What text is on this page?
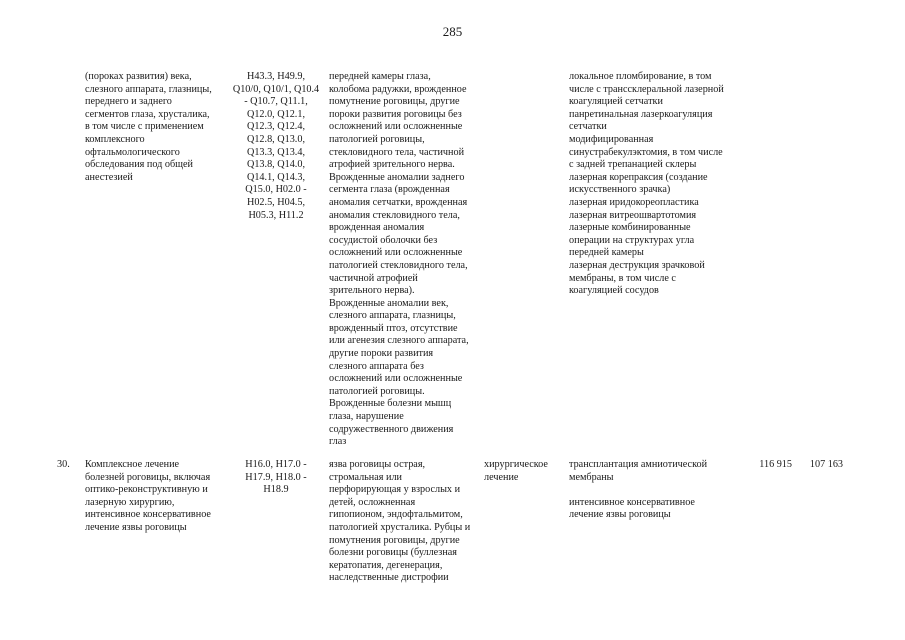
285
(пороках развития) века,
слезного аппарата, глазницы,
переднего и заднего
сегментов глаза, хрусталика,
в том числе с применением
комплексного
офтальмологического
обследования под общей
анестезией
H43.3, H49.9,
Q10/0, Q10/1, Q10.4
- Q10.7, Q11.1,
Q12.0, Q12.1,
Q12.3, Q12.4,
Q12.8, Q13.0,
Q13.3, Q13.4,
Q13.8, Q14.0,
Q14.1, Q14.3,
Q15.0, H02.0 -
H02.5, H04.5,
H05.3, H11.2
передней камеры глаза,
колобома радужки, врожденное
помутнение роговицы, другие
пороки развития роговицы без
осложнений или осложненные
патологией роговицы,
стекловидного тела, частичной
атрофией зрительного нерва.
Врожденные аномалии заднего
сегмента глаза (врожденная
аномалия сетчатки, врожденная
аномалия стекловидного тела,
врожденная аномалия
сосудистой оболочки без
осложнений или осложненные
патологией стекловидного тела,
частичной атрофией
зрительного нерва).
Врожденные аномалии век,
слезного аппарата, глазницы,
врожденный птоз, отсутствие
или агенезия слезного аппарата,
другие пороки развития
слезного аппарата без
осложнений или осложненные
патологией роговицы.
Врожденные болезни мышц
глаза, нарушение
содружественного движения
глаз
локальное пломбирование, в том
числе с транссклеральной лазерной
коагуляцией сетчатки
панретинальная лазеркоагуляция
сетчатки
модифицированная
синустрабекулэктомия, в том числе
с задней трепанацией склеры
лазерная корепраксия (создание
искусственного зрачка)
лазерная иридокореопластика
лазерная витреошвартотомия
лазерные комбинированные
операции на структурах угла
передней камеры
лазерная деструкция зрачковой
мембраны, в том числе с
коагуляцией сосудов
30.	Комплексное лечение
болезней роговицы, включая
оптико-реконструктивную и
лазерную хирургию,
интенсивное консервативное
лечение язвы роговицы
H16.0, H17.0 -
H17.9, H18.0 -
H18.9
язва роговицы острая,
стромальная или
перфорирующая у взрослых и
детей, осложненная
гипопионом, эндофтальмитом,
патологией хрусталика. Рубцы и
помутнения роговицы, другие
болезни роговицы (буллезная
кератопатия, дегенерация,
наследственные дистрофии
хирургическое
лечение
трансплантация амниотической
мембраны
интенсивное консервативное
лечение язвы роговицы
116 915	107 163
